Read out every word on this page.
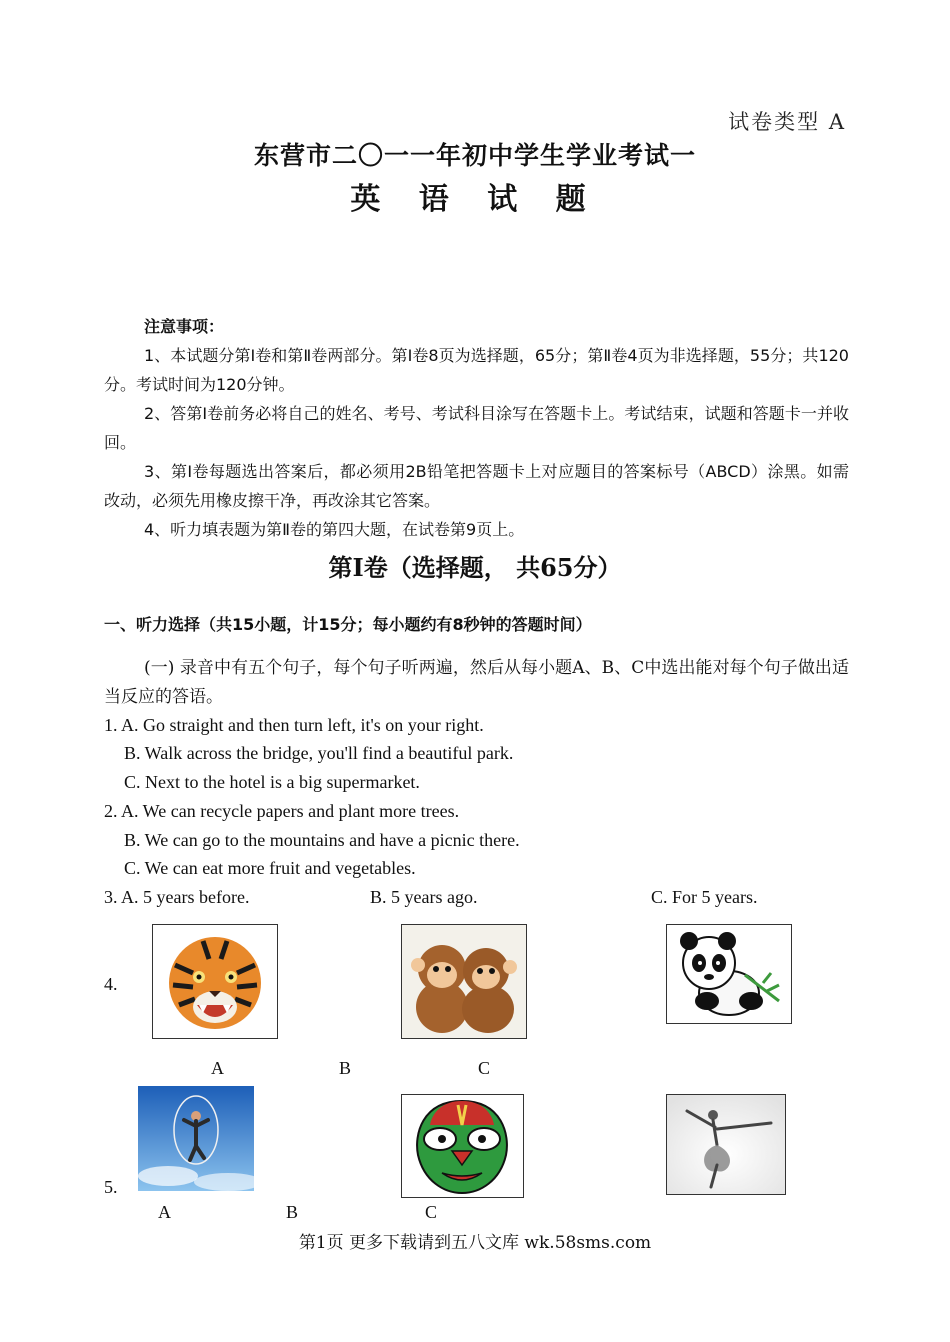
试卷类型 A
东营市二〇一一年初中学生学业考试一
英 语 试 题
注意事项：

1、本试题分第Ⅰ卷和第Ⅱ卷两部分。第Ⅰ卷8页为选择题，65分；第Ⅱ卷4页为非选择题，55分；共120分。考试时间为120分钟。

2、答第Ⅰ卷前务必将自己的姓名、考号、考试科目涂写在答题卡上。考试结束，试题和答题卡一并收回。

3、第Ⅰ卷每题选出答案后，都必须用2B铅笔把答题卡上对应题目的答案标号（ABCD）涂黑。如需改动，必须先用橡皮擦干净，再改涂其它答案。

4、听力填表题为第Ⅱ卷的第四大题，在试卷第9页上。

第Ⅰ卷（选择题， 共65分）
一、听力选择（共15小题，计15分；每小题约有8秒钟的答题时间）
(一) 录音中有五个句子，每个句子听两遍，然后从每小题A、B、C中选出能对每个句子做出适当反应的答语。
1. A. Go straight and then turn left, it's on your right.
B. Walk across the bridge, you'll find a beautiful park.
C. Next to the hotel is a big supermarket.
2. A. We can recycle papers and plant more trees.
B. We can go to the mountains and have a picnic there.
C. We can eat more fruit and vegetables.
3. A. 5 years before.	B. 5 years ago.	C. For 5 years.
4.
A	B	C
5.
A	B	C
第1页 更多下载请到五八文库 wk.58sms.com
